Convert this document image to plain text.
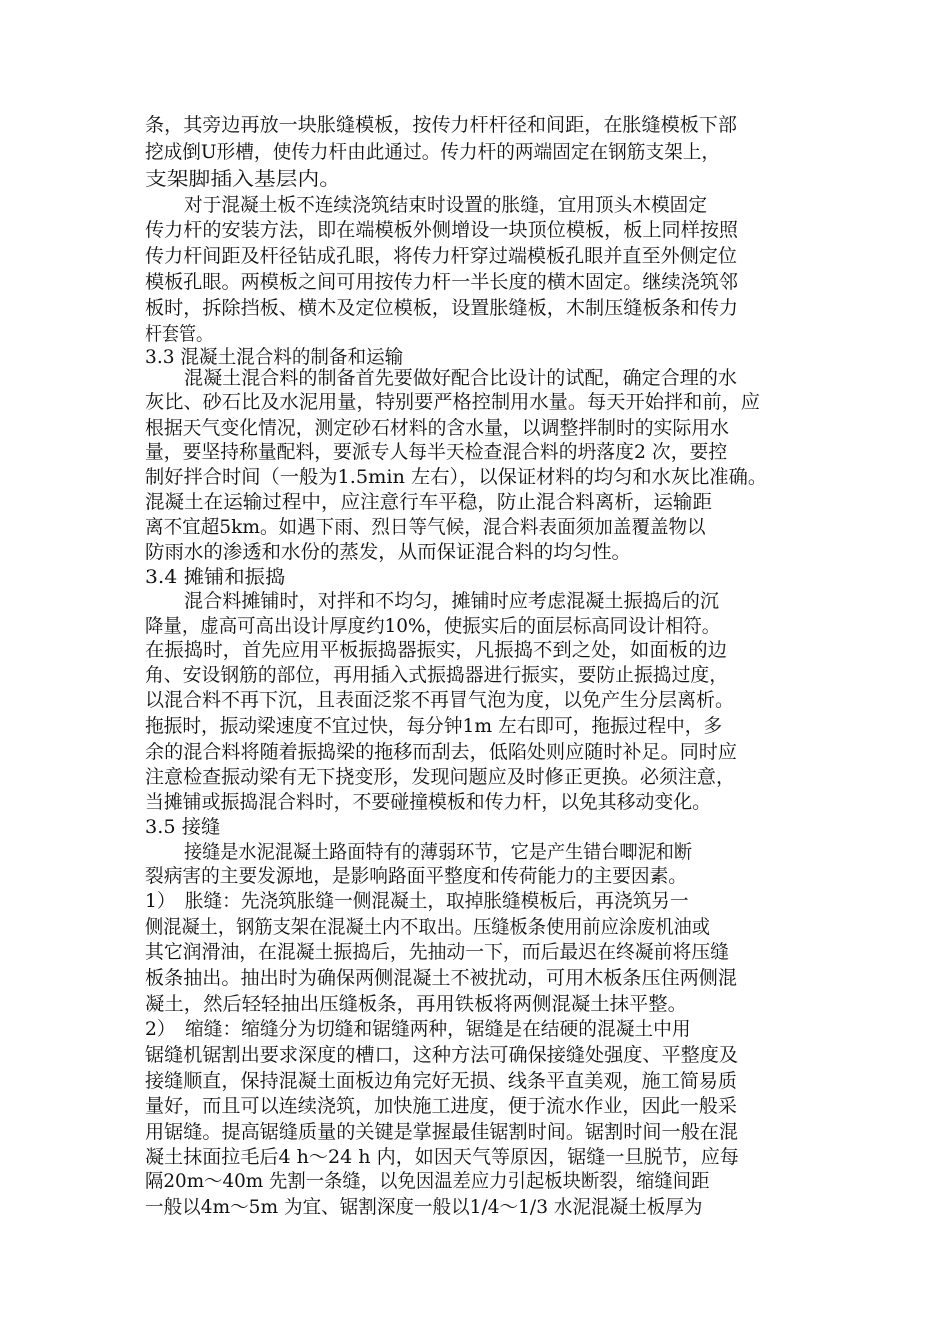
条，其旁边再放一块胀缝模板，按传力杆杆径和间距，在胀缝模板下部
挖成倒U形槽，使传力杆由此通过。传力杆的两端固定在钢筋支架上，
支架脚插入基层内。
对于混凝土板不连续浇筑结束时设置的胀缝，宜用顶头木模固定
传力杆的安装方法，即在端模板外侧增设一块顶位模板，板上同样按照
传力杆间距及杆径钻成孔眼，将传力杆穿过端模板孔眼并直至外侧定位
模板孔眼。两模板之间可用按传力杆一半长度的横木固定。继续浇筑邻
板时，拆除挡板、横木及定位模板，设置胀缝板，木制压缝板条和传力
杆套管。
3.3 混凝土混合料的制备和运输
混凝土混合料的制备首先要做好配合比设计的试配，确定合理的水
灰比、砂石比及水泥用量，特别要严格控制用水量。每天开始拌和前，应
根据天气变化情况，测定砂石材料的含水量，以调整拌制时的实际用水
量，要坚持称量配料，要派专人每半天检查混合料的坍落度2 次，要控
制好拌合时间（一般为1.5min 左右），以保证材料的均匀和水灰比准确。
混凝土在运输过程中，应注意行车平稳，防止混合料离析，运输距
离不宜超5km。如遇下雨、烈日等气候，混合料表面须加盖覆盖物以
防雨水的渗透和水份的蒸发，从而保证混合料的均匀性。
3.4 摊铺和振捣
混合料摊铺时，对拌和不均匀，摊铺时应考虑混凝土振捣后的沉
降量，虚高可高出设计厚度约10%，使振实后的面层标高同设计相符。
在振捣时，首先应用平板振捣器振实，凡振捣不到之处，如面板的边
角、安设钢筋的部位，再用插入式振捣器进行振实，要防止振捣过度，
以混合料不再下沉，且表面泛浆不再冒气泡为度，以免产生分层离析。
拖振时，振动梁速度不宜过快，每分钟1m 左右即可，拖振过程中，多
余的混合料将随着振捣梁的拖移而刮去，低陷处则应随时补足。同时应
注意检查振动梁有无下挠变形，发现问题应及时修正更换。必须注意，
当摊铺或振捣混合料时，不要碰撞模板和传力杆，以免其移动变化。
3.5 接缝
接缝是水泥混凝土路面特有的薄弱环节，它是产生错台唧泥和断
裂病害的主要发源地，是影响路面平整度和传荷能力的主要因素。
1）　胀缝：先浇筑胀缝一侧混凝土，取掉胀缝模板后，再浇筑另一
侧混凝土，钢筋支架在混凝土内不取出。压缝板条使用前应涂废机油或
其它润滑油，在混凝土振捣后，先抽动一下，而后最迟在终凝前将压缝
板条抽出。抽出时为确保两侧混凝土不被扰动，可用木板条压住两侧混
凝土，然后轻轻抽出压缝板条，再用铁板将两侧混凝土抹平整。
2）　缩缝：缩缝分为切缝和锯缝两种，锯缝是在结硬的混凝土中用
锯缝机锯割出要求深度的槽口，这种方法可确保接缝处强度、平整度及
接缝顺直，保持混凝土面板边角完好无损、线条平直美观，施工简易质
量好，而且可以连续浇筑，加快施工进度，便于流水作业，因此一般采
用锯缝。提高锯缝质量的关键是掌握最佳锯割时间。锯割时间一般在混
凝土抹面拉毛后4 h～24 h 内，如因天气等原因，锯缝一旦脱节，应每
隔20m～40m 先割一条缝，以免因温差应力引起板块断裂，缩缝间距
一般以4m～5m 为宜、锯割深度一般以1/4～1/3 水泥混凝土板厚为
